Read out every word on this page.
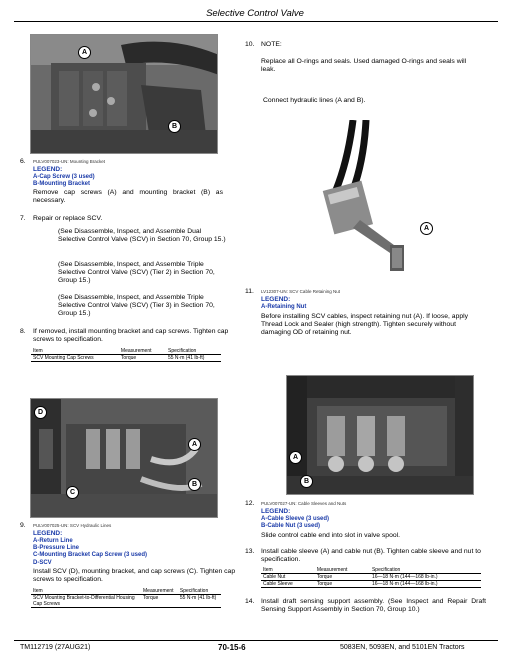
Selective Control Valve
A
B
6. PULV007023-UN: Mounting Bracket
LEGEND:
A-Cap Screw (3 used)
B-Mounting Bracket
Remove cap screws (A) and mounting bracket (B) as necessary.
7. Repair or replace SCV.
(See Disassemble, Inspect, and Assemble Dual Selective Control Valve (SCV) in Section 70, Group 15.)
(See Disassemble, Inspect, and Assemble Triple Selective Control Valve (SCV) (Tier 2) in Section 70, Group 15.)
(See Disassemble, Inspect, and Assemble Triple Selective Control Valve (SCV) (Tier 3) in Section 70, Group 15.)
8. If removed, install mounting bracket and cap screws. Tighten cap screws to specification.
Item	Measurement	Specification
SCV Mounting Cap Screws	Torque	55 N·m (41 lb-ft)
D
A
B
C
9. PULV007025-UN: SCV Hydraulic Lines
LEGEND:
A-Return Line
B-Pressure Line
C-Mounting Bracket Cap Screw (3 used)
D-SCV
Install SCV (D), mounting bracket, and cap screws (C). Tighten cap screws to specification.
Item	Measurement	Specification
SCV Mounting Bracket-to-Differential Housing Cap Screws	Torque	55 N·m (41 lb-ft)
10. NOTE:
Replace all O-rings and seals. Used damaged O-rings and seals will leak.
Connect hydraulic lines (A and B).
A
11. LV12307-UN: SCV Cable Retaining Nut
LEGEND:
A-Retaining Nut
Before installing SCV cables, inspect retaining nut (A). If loose, apply Thread Lock and Sealer (high strength). Tighten securely without damaging OD of retaining nut.
A
B
12. PULV007027-UN: Cable Sleeves and Nuts
LEGEND:
A-Cable Sleeve (3 used)
B-Cable Nut (3 used)
Slide control cable end into slot in valve spool.
13. Install cable sleeve (A) and cable nut (B). Tighten cable sleeve and nut to specification.
Item	Measurement	Specification
Cable Nut	Torque	16—18 N·m (144—168 lb-in.)
Cable Sleeve	Torque	16—18 N·m (144—168 lb-in.)
14. Install draft sensing support assembly. (See Inspect and Repair Draft Sensing Support Assembly in Section 70, Group 10.)
TM112719 (27AUG21)	70-15-6	5083EN, 5093EN, and 5101EN Tractors
